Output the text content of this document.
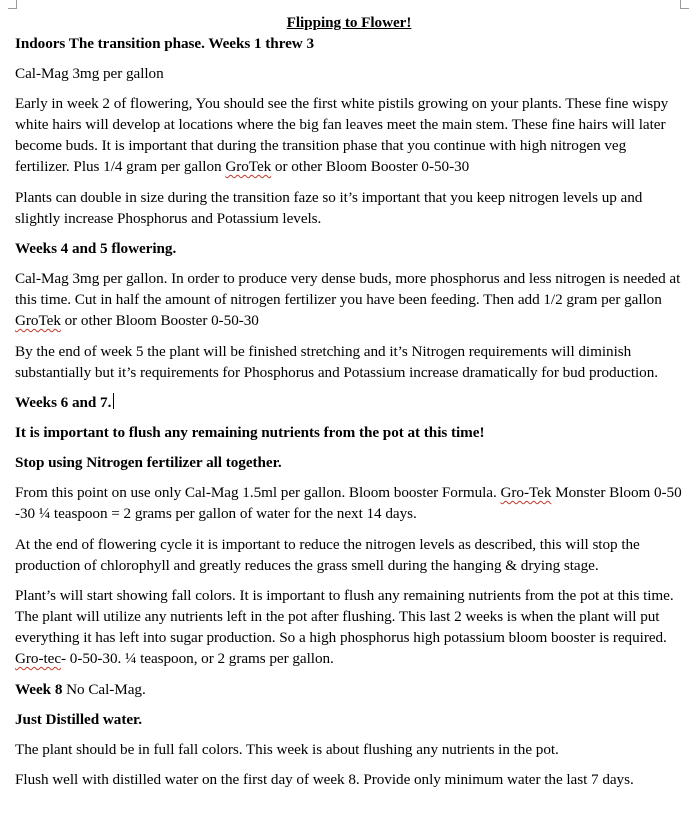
Flipping to Flower!

Indoors The transition phase. Weeks 1 threw 3

Cal-Mag 3mg per gallon

Early in week 2 of flowering, You should see the first white pistils growing on your plants. These fine wispy white hairs will develop at locations where the big fan leaves meet the main stem. These fine hairs will later become buds. It is important that during the transition phase that you continue with high nitrogen veg fertilizer. Plus 1/4 gram per gallon GroTek or other Bloom Booster 0-50-30

Plants can double in size during the transition faze so it’s important that you keep nitrogen levels up and slightly increase Phosphorus and Potassium levels.

Weeks 4 and 5 flowering.

Cal-Mag 3mg per gallon. In order to produce very dense buds, more phosphorus and less nitrogen is needed at this time. Cut in half the amount of nitrogen fertilizer you have been feeding. Then add 1/2 gram per gallon GroTek or other Bloom Booster 0-50-30

By the end of week 5 the plant will be finished stretching and it’s Nitrogen requirements will diminish substantially but it’s requirements for Phosphorus and Potassium increase dramatically for bud production.

Weeks 6 and 7.

It is important to flush any remaining nutrients from the pot at this time!

Stop using Nitrogen fertilizer all together.

From this point on use only Cal-Mag 1.5ml per gallon. Bloom booster Formula. Gro-Tek Monster Bloom 0-50 -30 ¼ teaspoon = 2 grams per gallon of water for the next 14 days.

At the end of flowering cycle it is important to reduce the nitrogen levels as described, this will stop the production of chlorophyll and greatly reduces the grass smell during the hanging & drying stage.

Plant’s will start showing fall colors. It is important to flush any remaining nutrients from the pot at this time. The plant will utilize any nutrients left in the pot after flushing. This last 2 weeks is when the plant will put everything it has left into sugar production. So a high phosphorus high potassium bloom booster is required. Gro-tec- 0-50-30. ¼ teaspoon, or 2 grams per gallon.

Week 8 No Cal-Mag.

Just Distilled water.

The plant should be in full fall colors. This week is about flushing any nutrients in the pot.

Flush well with distilled water on the first day of week 8. Provide only minimum water the last 7 days.
